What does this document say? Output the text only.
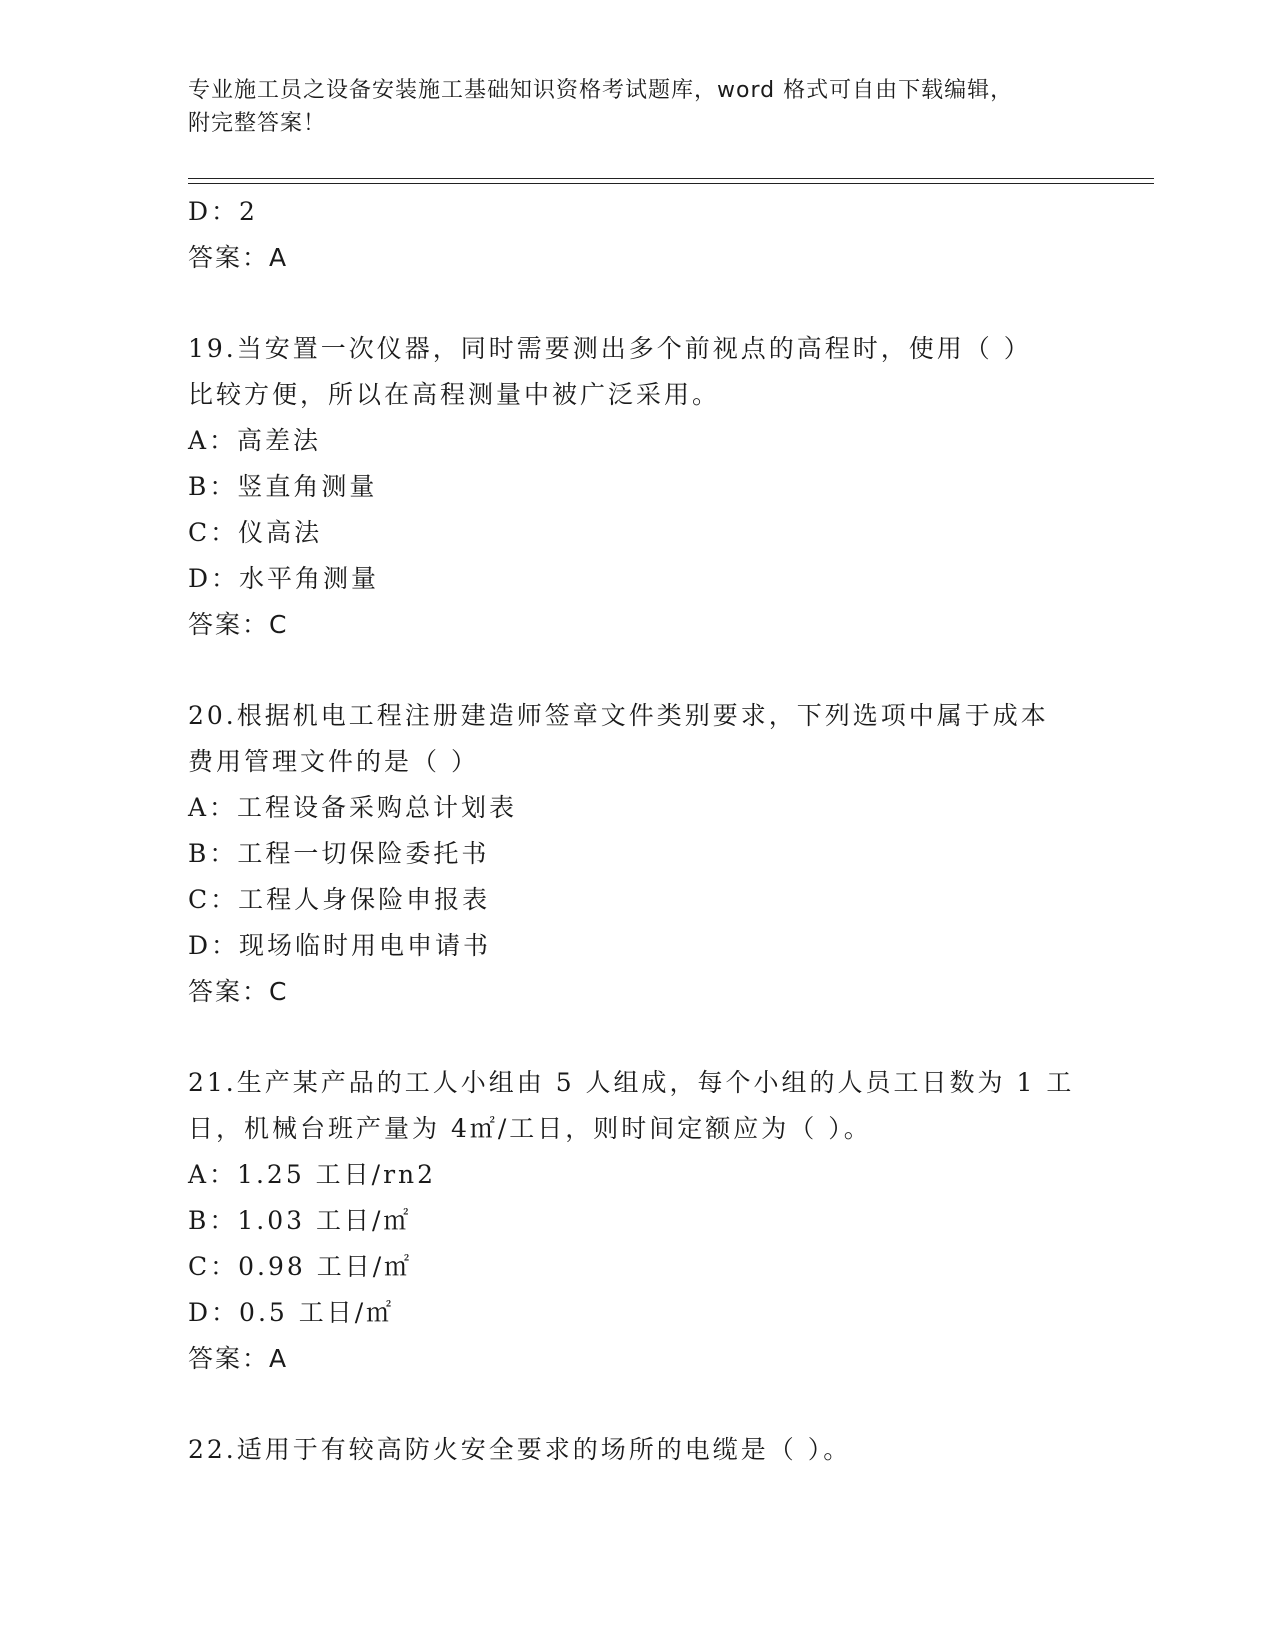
专业施工员之设备安装施工基础知识资格考试题库，word 格式可自由下载编辑，
附完整答案！
D：2
答案：A
19.当安置一次仪器，同时需要测出多个前视点的高程时，使用（ ）
比较方便，所以在高程测量中被广泛采用。
A：高差法
B：竖直角测量
C：仪高法
D：水平角测量
答案：C
20.根据机电工程注册建造师签章文件类别要求，下列选项中属于成本
费用管理文件的是（ ）
A：工程设备采购总计划表
B：工程一切保险委托书
C：工程人身保险申报表
D：现场临时用电申请书
答案：C
21.生产某产品的工人小组由 5 人组成，每个小组的人员工日数为 1 工
日，机械台班产量为 4㎡/工日，则时间定额应为（ ）。
A：1.25 工日/rn2
B：1.03 工日/㎡
C：0.98 工日/㎡
D：0.5 工日/㎡
答案：A
22.适用于有较高防火安全要求的场所的电缆是（ ）。
